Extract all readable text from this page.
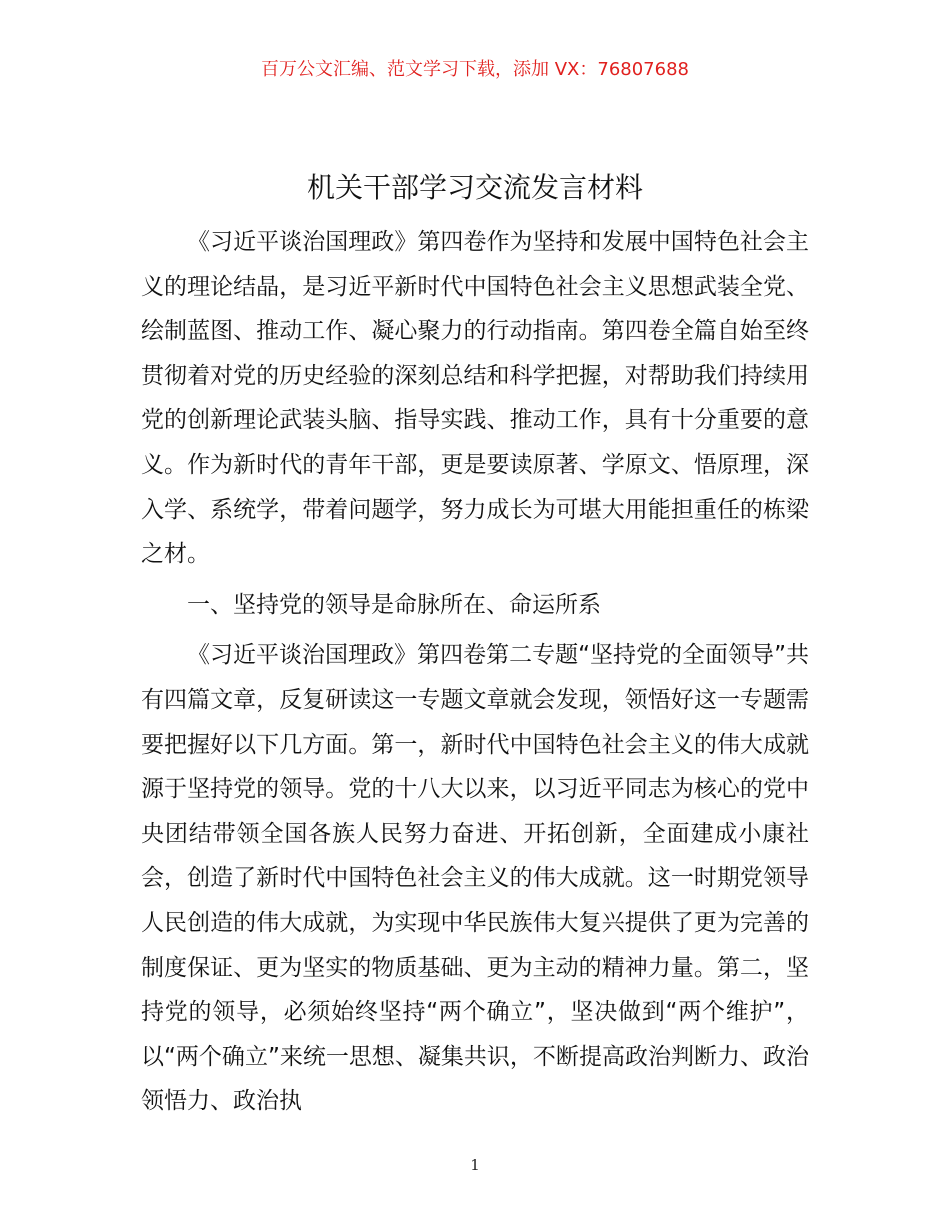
百万公文汇编、范文学习下载，添加 VX：76807688
机关干部学习交流发言材料

《习近平谈治国理政》第四卷作为坚持和发展中国特色社会主义的理论结晶，是习近平新时代中国特色社会主义思想武装全党、绘制蓝图、推动工作、凝心聚力的行动指南。第四卷全篇自始至终贯彻着对党的历史经验的深刻总结和科学把握，对帮助我们持续用党的创新理论武装头脑、指导实践、推动工作，具有十分重要的意义。作为新时代的青年干部，更是要读原著、学原文、悟原理，深入学、系统学，带着问题学，努力成长为可堪大用能担重任的栋梁之材。

一、坚持党的领导是命脉所在、命运所系

《习近平谈治国理政》第四卷第二专题“坚持党的全面领导”共有四篇文章，反复研读这一专题文章就会发现，领悟好这一专题需要把握好以下几方面。第一，新时代中国特色社会主义的伟大成就源于坚持党的领导。党的十八大以来，以习近平同志为核心的党中央团结带领全国各族人民努力奋进、开拓创新，全面建成小康社会，创造了新时代中国特色社会主义的伟大成就。这一时期党领导人民创造的伟大成就，为实现中华民族伟大复兴提供了更为完善的制度保证、更为坚实的物质基础、更为主动的精神力量。第二，坚持党的领导，必须始终坚持“两个确立”，坚决做到“两个维护”，以“两个确立”来统一思想、凝集共识，不断提高政治判断力、政治领悟力、政治执

1
